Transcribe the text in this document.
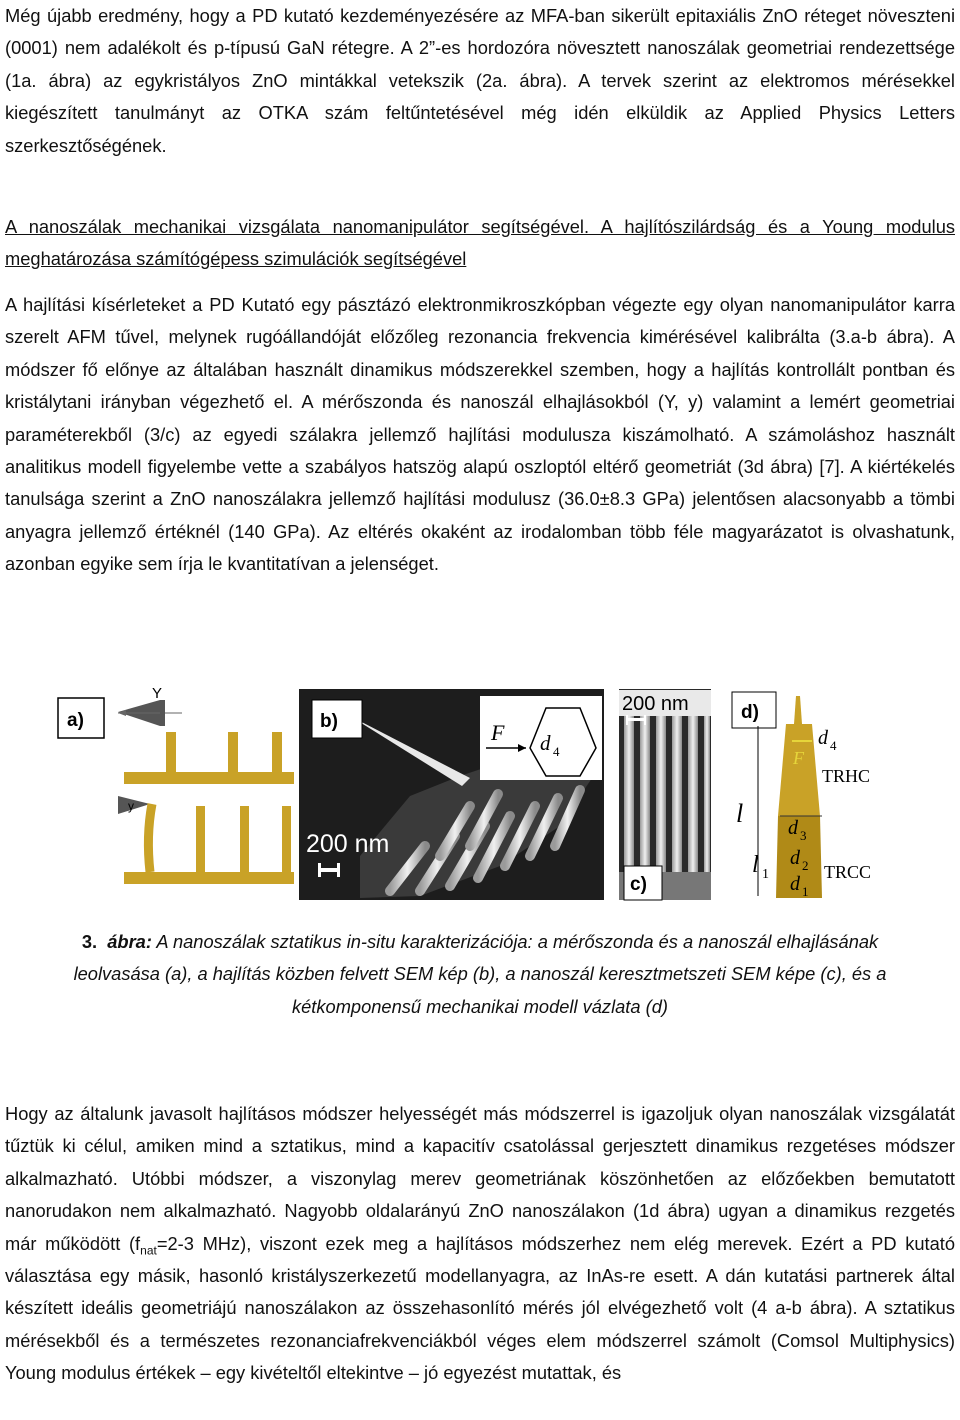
Még újabb eredmény, hogy a PD kutató kezdeményezésére az MFA-ban sikerült epitaxiális ZnO réteget növeszteni (0001) nem adalékolt és p-típusú GaN rétegre. A 2”-es hordozóra növesztett nanoszálak geometriai rendezettsége (1a. ábra) az egykristályos ZnO mintákkal vetekszik (2a. ábra). A tervek szerint az elektromos mérésekkel kiegészített tanulmányt az OTKA szám feltűntetésével még idén elküldik az Applied Physics Letters szerkesztőségének.

A nanoszálak mechanikai vizsgálata nanomanipulátor segítségével. A hajlítószilárdság és a Young modulus meghatározása számítógépess szimulációk segítségével

A hajlítási kísérleteket a PD Kutató egy pásztázó elektronmikroszkópban végezte egy olyan nanomanipulátor karra szerelt AFM tűvel, melynek rugóállandóját előzőleg rezonancia frekvencia kimérésével kalibrálta (3.a-b ábra). A módszer fő előnye az általában használt dinamikus módszerekkel szemben, hogy a hajlítás kontrollált pontban és kristálytani irányban végezhető el. A mérőszonda és nanoszál elhajlásokból (Y, y) valamint a lemért geometriai paraméterekből (3/c) az egyedi szálakra jellemző hajlítási modulusza kiszámolható. A számoláshoz használt analitikus modell figyelembe vette a szabályos hatszög alapú oszloptól eltérő geometriát (3d ábra) [7]. A kiértékelés tanulsága szerint a ZnO nanoszálakra jellemző hajlítási modulusz (36.0±8.3 GPa) jelentősen alacsonyabb a tömbi anyagra jellemző értéknél (140 GPa). Az eltérés okaként az irodalomban több féle magyarázatot is olvashatunk, azonban egyike sem írja le kvantitatívan a jelenséget.

a)
Y
y
b)	F d 4
200 nm
200 nm
c)
d)
d 4
F
TRHC
l d 3
d 2
l 1 d 1
TRCC

3. ábra: A nanoszálak sztatikus in-situ karakterizációja: a mérőszonda és a nanoszál elhajlásának leolvasása (a), a hajlítás közben felvett SEM kép (b), a nanoszál keresztmetszeti SEM képe (c), és a kétkomponensű mechanikai modell vázlata (d)

Hogy az általunk javasolt hajlításos módszer helyességét más módszerrel is igazoljuk olyan nanoszálak vizsgálatát tűztük ki célul, amiken mind a sztatikus, mind a kapacitív csatolással gerjesztett dinamikus rezgetéses módszer alkalmazható. Utóbbi módszer, a viszonylag merev geometriának köszönhetően az előzőekben bemutatott nanorudakon nem alkalmazható. Nagyobb oldalarányú ZnO nanoszálakon (1d ábra) ugyan a dinamikus rezgetés már működött ($f_{nat}=2-3$ MHz), viszont ezek meg a hajlításos módszerhez nem elég merevek. Ezért a PD kutató választása egy másik, hasonló kristályszerkezetű modellanyagra, az InAs-re esett. A dán kutatási partnerek által készített ideális geometriájú nanoszálakon az összehasonlító mérés jól elvégezhető volt (4 a-b ábra). A sztatikus mérésekből és a természetes rezonanciafrekvenciákból véges elem módszerrel számolt (Comsol Multiphysics) Young modulus értékek – egy kivételtől eltekintve – jó egyezést mutattak, és
